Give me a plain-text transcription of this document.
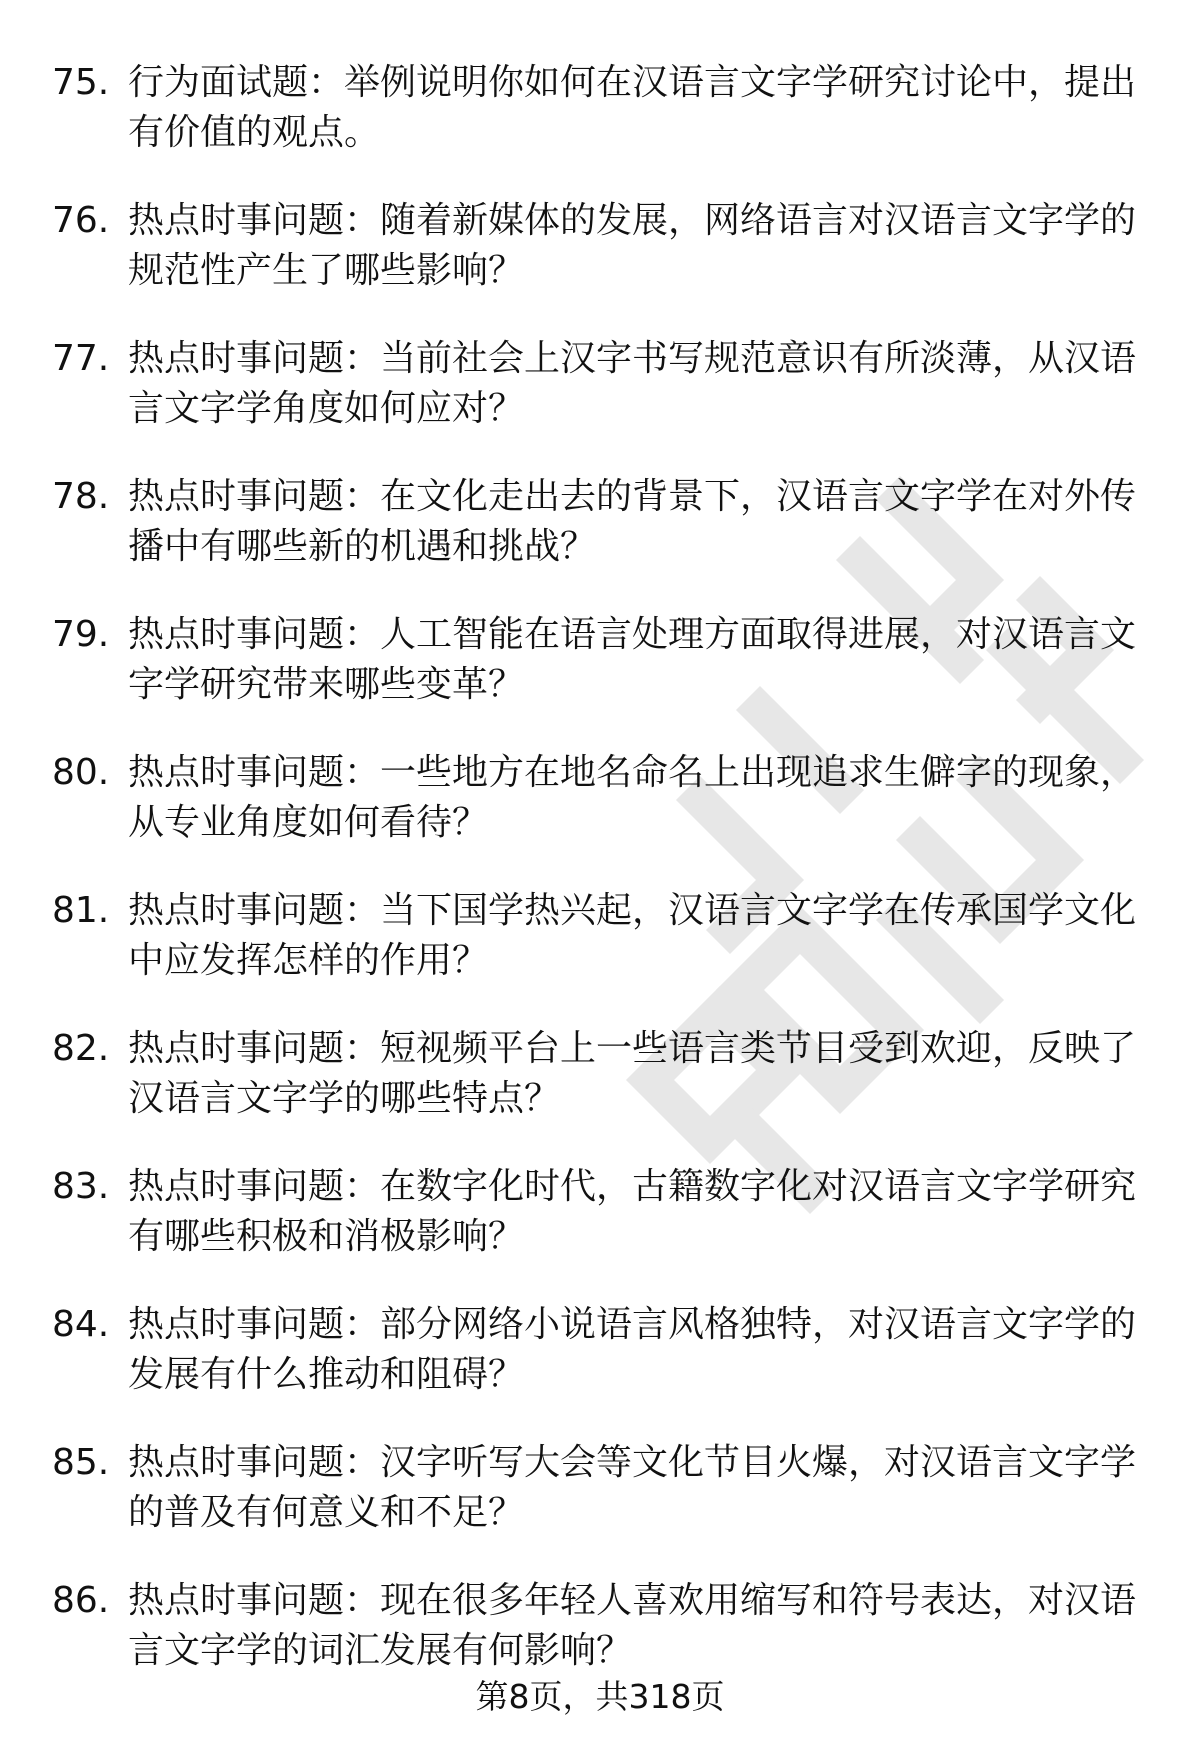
75. 行为面试题：举例说明你如何在汉语言文字学研究讨论中，提出有价值的观点。
76. 热点时事问题：随着新媒体的发展，网络语言对汉语言文字学的规范性产生了哪些影响？
77. 热点时事问题：当前社会上汉字书写规范意识有所淡薄，从汉语言文字学角度如何应对？
78. 热点时事问题：在文化走出去的背景下，汉语言文字学在对外传播中有哪些新的机遇和挑战？
79. 热点时事问题：人工智能在语言处理方面取得进展，对汉语言文字学研究带来哪些变革？
80. 热点时事问题：一些地方在地名命名上出现追求生僻字的现象，从专业角度如何看待？
81. 热点时事问题：当下国学热兴起，汉语言文字学在传承国学文化中应发挥怎样的作用？
82. 热点时事问题：短视频平台上一些语言类节目受到欢迎，反映了汉语言文字学的哪些特点？
83. 热点时事问题：在数字化时代，古籍数字化对汉语言文字学研究有哪些积极和消极影响？
84. 热点时事问题：部分网络小说语言风格独特，对汉语言文字学的发展有什么推动和阻碍？
85. 热点时事问题：汉字听写大会等文化节目火爆，对汉语言文字学的普及有何意义和不足？
86. 热点时事问题：现在很多年轻人喜欢用缩写和符号表达，对汉语言文字学的词汇发展有何影响？
第8页，共318页
